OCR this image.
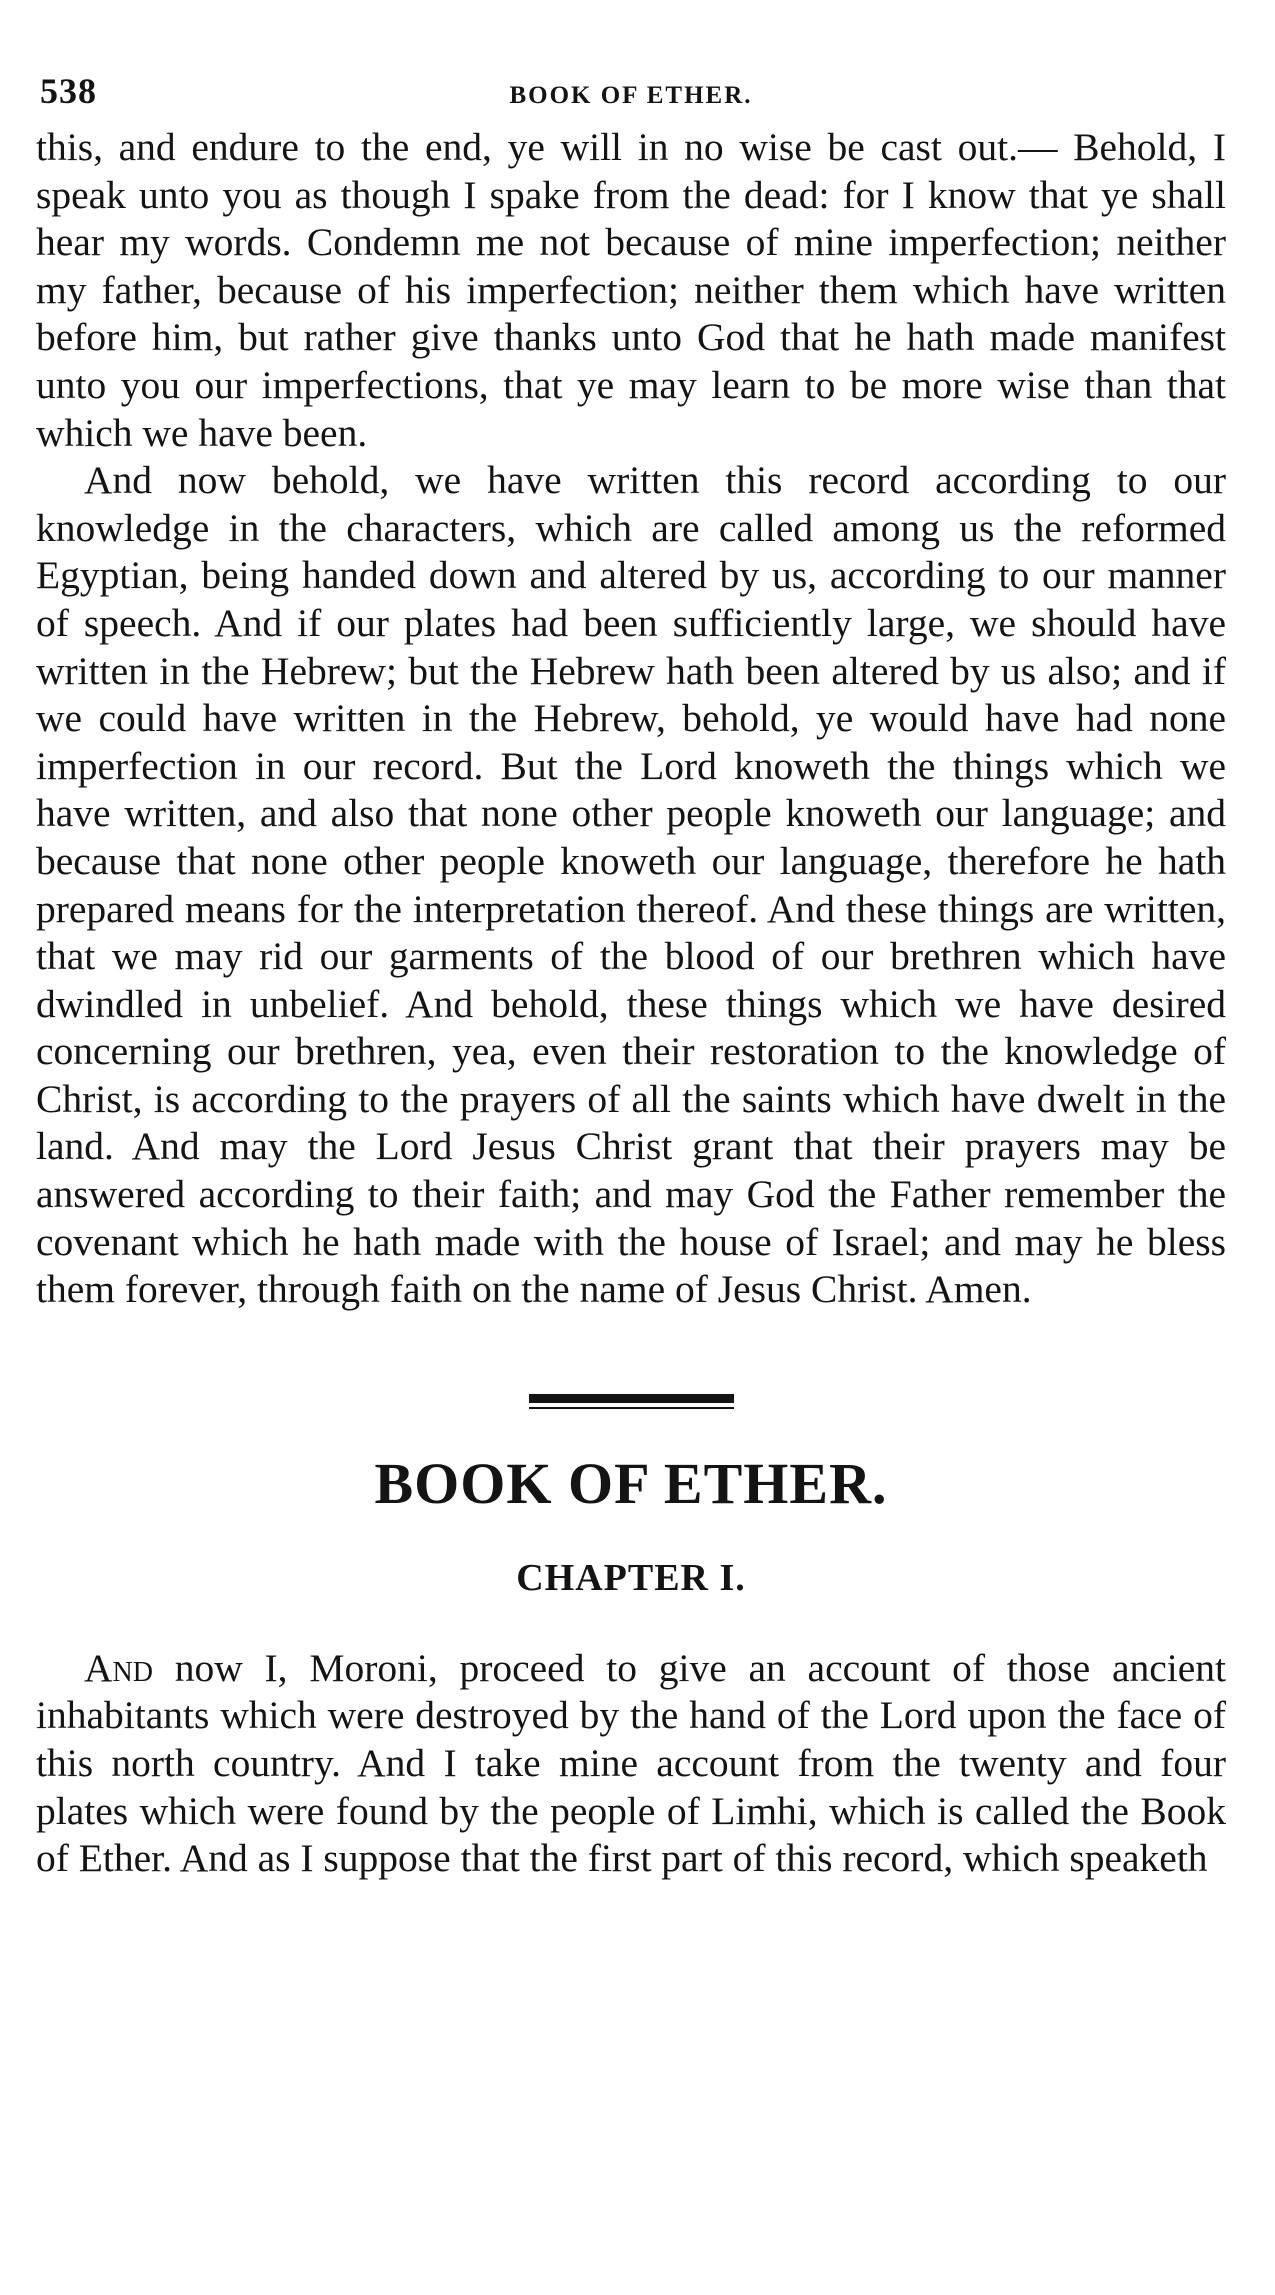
538	BOOK OF ETHER.

this, and endure to the end, ye will in no wise be cast out.— Behold, I speak unto you as though I spake from the dead: for I know that ye shall hear my words. Condemn me not because of mine imperfection; neither my father, because of his imperfection; neither them which have written before him, but rather give thanks unto God that he hath made manifest unto you our imperfections, that ye may learn to be more wise than that which we have been.

And now behold, we have written this record according to our knowledge in the characters, which are called among us the reformed Egyptian, being handed down and altered by us, according to our manner of speech. And if our plates had been sufficiently large, we should have written in the Hebrew; but the Hebrew hath been altered by us also; and if we could have written in the Hebrew, behold, ye would have had none imperfection in our record. But the Lord knoweth the things which we have written, and also that none other people knoweth our language; and because that none other people knoweth our language, therefore he hath prepared means for the interpretation thereof. And these things are written, that we may rid our garments of the blood of our brethren which have dwindled in unbelief. And behold, these things which we have desired concerning our brethren, yea, even their restoration to the knowledge of Christ, is according to the prayers of all the saints which have dwelt in the land. And may the Lord Jesus Christ grant that their prayers may be answered according to their faith; and may God the Father remember the covenant which he hath made with the house of Israel; and may he bless them forever, through faith on the name of Jesus Christ. Amen.

BOOK OF ETHER.
CHAPTER I.

And now I, Moroni, proceed to give an account of those ancient inhabitants which were destroyed by the hand of the Lord upon the face of this north country. And I take mine account from the twenty and four plates which were found by the people of Limhi, which is called the Book of Ether. And as I suppose that the first part of this record, which speaketh
